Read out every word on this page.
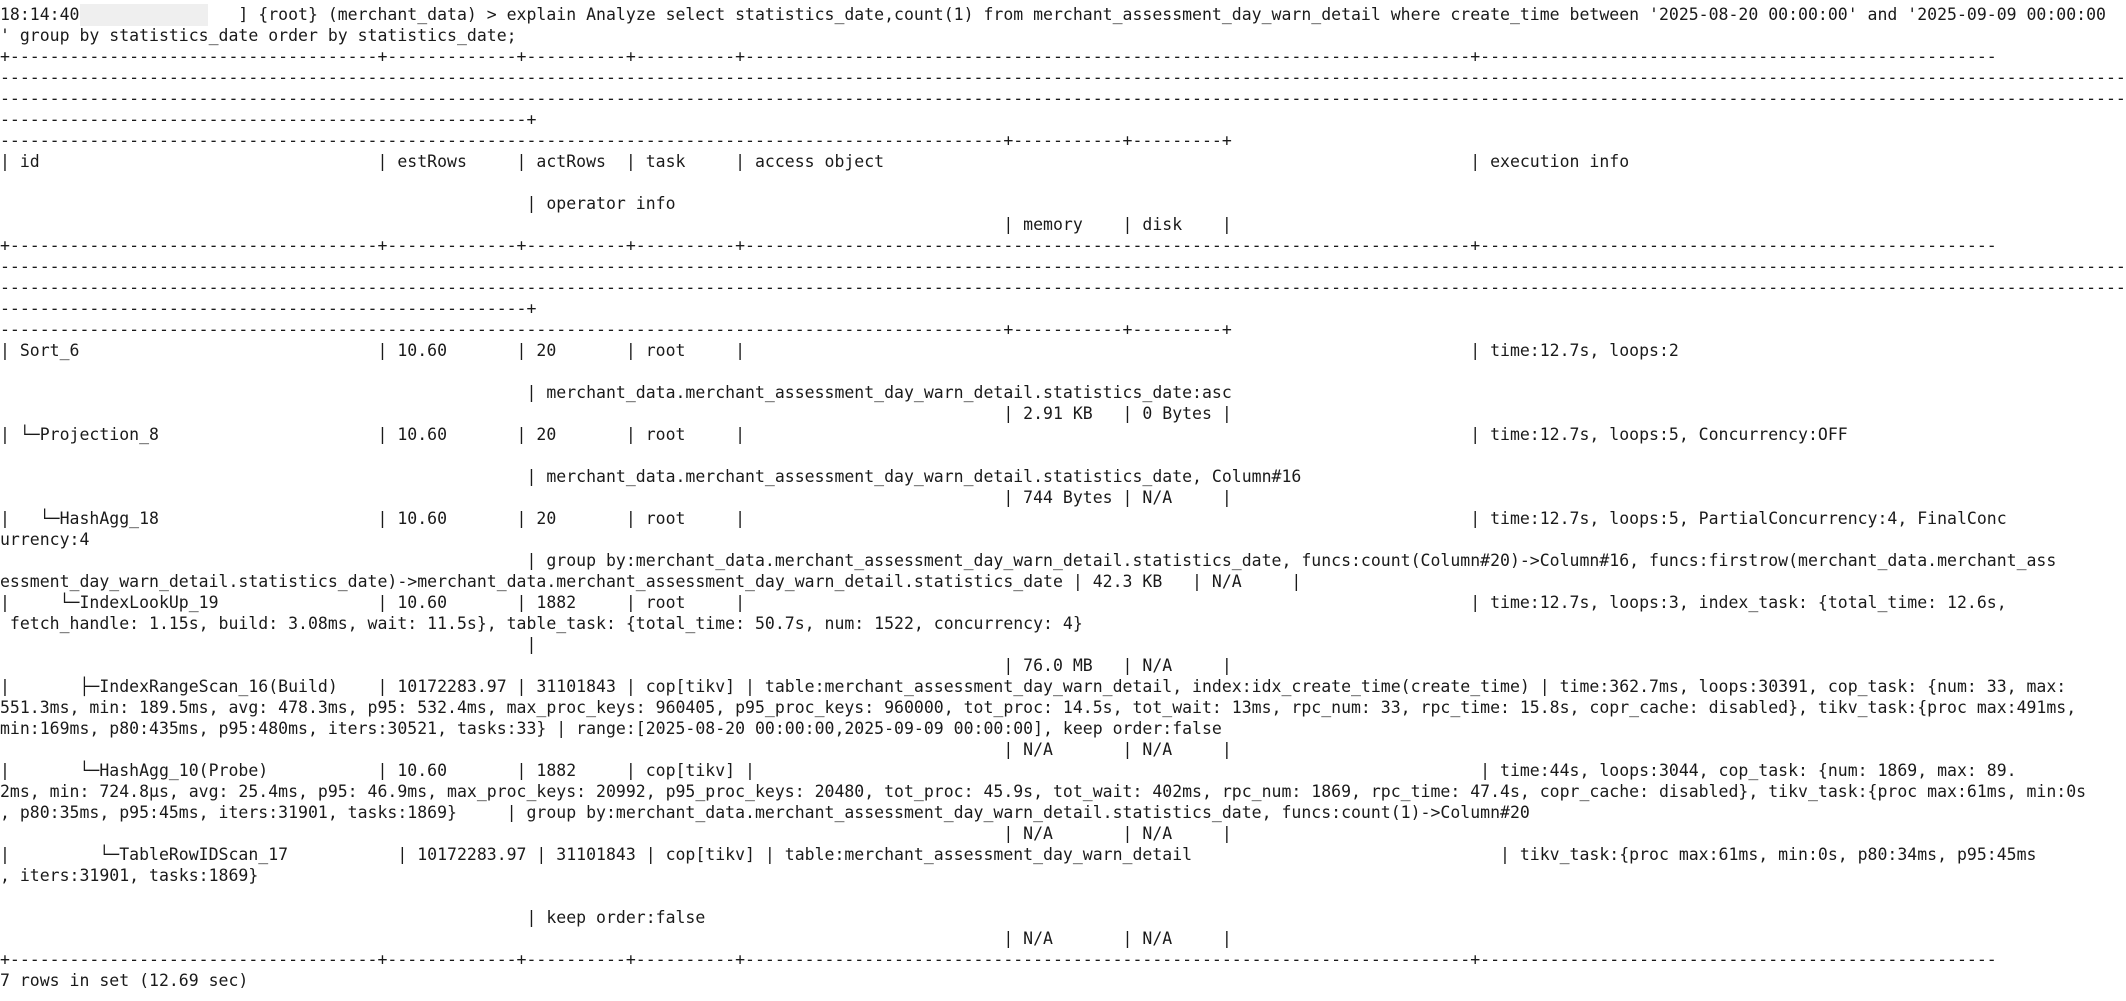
18:14:40                ] {root} (merchant_data) > explain Analyze select statistics_date,count(1) from merchant_assessment_day_warn_detail where create_time between '2025-08-20 00:00:00' and '2025-09-09 00:00:00
' group by statistics_date order by statistics_date;
+-------------------------------------+-------------+----------+----------+-------------------------------------------------------------------------+----------------------------------------------------
----------------------------------------------------------------------------------------------------------------------------------------------------------------------------------------------------------------------
----------------------------------------------------------------------------------------------------------------------------------------------------------------------------------------------------------------------
-----------------------------------------------------+
-----------------------------------------------------------------------------------------------------+-----------+---------+
| id                                  | estRows     | actRows  | task     | access object                                                           | execution info
| operator info
| memory    | disk    |
+-------------------------------------+-------------+----------+----------+-------------------------------------------------------------------------+----------------------------------------------------
----------------------------------------------------------------------------------------------------------------------------------------------------------------------------------------------------------------------
----------------------------------------------------------------------------------------------------------------------------------------------------------------------------------------------------------------------
-----------------------------------------------------+
-----------------------------------------------------------------------------------------------------+-----------+---------+
| Sort_6                              | 10.60       | 20       | root     |                                                                         | time:12.7s, loops:2
| merchant_data.merchant_assessment_day_warn_detail.statistics_date:asc
| 2.91 KB   | 0 Bytes |
| └─Projection_8                      | 10.60       | 20       | root     |                                                                         | time:12.7s, loops:5, Concurrency:OFF
| merchant_data.merchant_assessment_day_warn_detail.statistics_date, Column#16
| 744 Bytes | N/A     |
|   └─HashAgg_18                      | 10.60       | 20       | root     |                                                                         | time:12.7s, loops:5, PartialConcurrency:4, FinalConc
urrency:4
| group by:merchant_data.merchant_assessment_day_warn_detail.statistics_date, funcs:count(Column#20)->Column#16, funcs:firstrow(merchant_data.merchant_ass
essment_day_warn_detail.statistics_date)->merchant_data.merchant_assessment_day_warn_detail.statistics_date | 42.3 KB   | N/A     |
|     └─IndexLookUp_19                | 10.60       | 1882     | root     |                                                                         | time:12.7s, loops:3, index_task: {total_time: 12.6s,
fetch_handle: 1.15s, build: 3.08ms, wait: 11.5s}, table_task: {total_time: 50.7s, num: 1522, concurrency: 4}
|
| 76.0 MB   | N/A     |
|       ├─IndexRangeScan_16(Build)    | 10172283.97 | 31101843 | cop[tikv] | table:merchant_assessment_day_warn_detail, index:idx_create_time(create_time) | time:362.7ms, loops:30391, cop_task: {num: 33, max:
551.3ms, min: 189.5ms, avg: 478.3ms, p95: 532.4ms, max_proc_keys: 960405, p95_proc_keys: 960000, tot_proc: 14.5s, tot_wait: 13ms, rpc_num: 33, rpc_time: 15.8s, copr_cache: disabled}, tikv_task:{proc max:491ms,
min:169ms, p80:435ms, p95:480ms, iters:30521, tasks:33} | range:[2025-08-20 00:00:00,2025-09-09 00:00:00], keep order:false
| N/A       | N/A     |
|       └─HashAgg_10(Probe)           | 10.60       | 1882     | cop[tikv] |                                                                         | time:44s, loops:3044, cop_task: {num: 1869, max: 89.
2ms, min: 724.8µs, avg: 25.4ms, p95: 46.9ms, max_proc_keys: 20992, p95_proc_keys: 20480, tot_proc: 45.9s, tot_wait: 402ms, rpc_num: 1869, rpc_time: 47.4s, copr_cache: disabled}, tikv_task:{proc max:61ms, min:0s
, p80:35ms, p95:45ms, iters:31901, tasks:1869}     | group by:merchant_data.merchant_assessment_day_warn_detail.statistics_date, funcs:count(1)->Column#20
| N/A       | N/A     |
|         └─TableRowIDScan_17           | 10172283.97 | 31101843 | cop[tikv] | table:merchant_assessment_day_warn_detail                               | tikv_task:{proc max:61ms, min:0s, p80:34ms, p95:45ms
, iters:31901, tasks:1869}
| keep order:false
| N/A       | N/A     |
+-------------------------------------+-------------+----------+----------+-------------------------------------------------------------------------+----------------------------------------------------
7 rows in set (12.69 sec)
